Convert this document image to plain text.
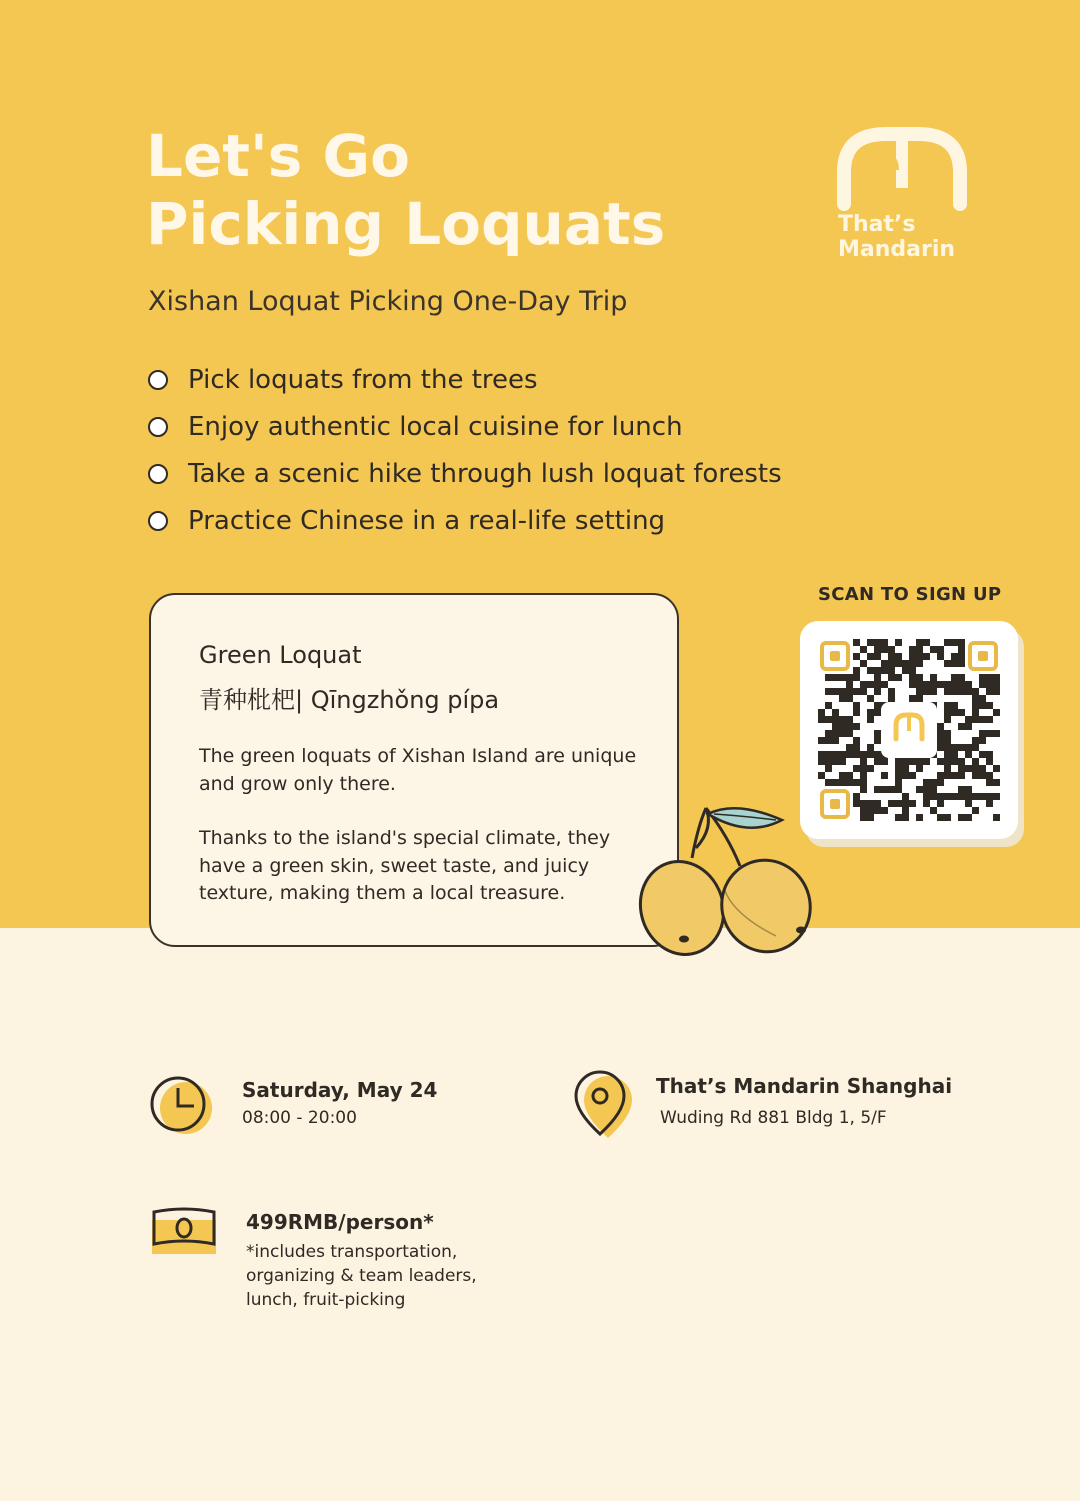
Let's Go
Picking Loquats
Xishan Loquat Picking One-Day Trip
Pick loquats from the trees
Enjoy authentic local cuisine for lunch
Take a scenic hike through lush loquat forests
Practice Chinese in a real-life setting
That’s
Mandarin
Green Loquat
青种枇杷| Qīngzhǒng pípa

The green loquats of Xishan Island are unique and grow only there.

Thanks to the island's special climate, they have a green skin, sweet taste, and juicy texture, making them a local treasure.

SCAN TO SIGN UP
Saturday, May 24
08:00 - 20:00
That’s Mandarin Shanghai
Wuding Rd 881 Bldg 1, 5/F
499RMB/person*

*includes transportation, organizing & team leaders, lunch, fruit-picking
